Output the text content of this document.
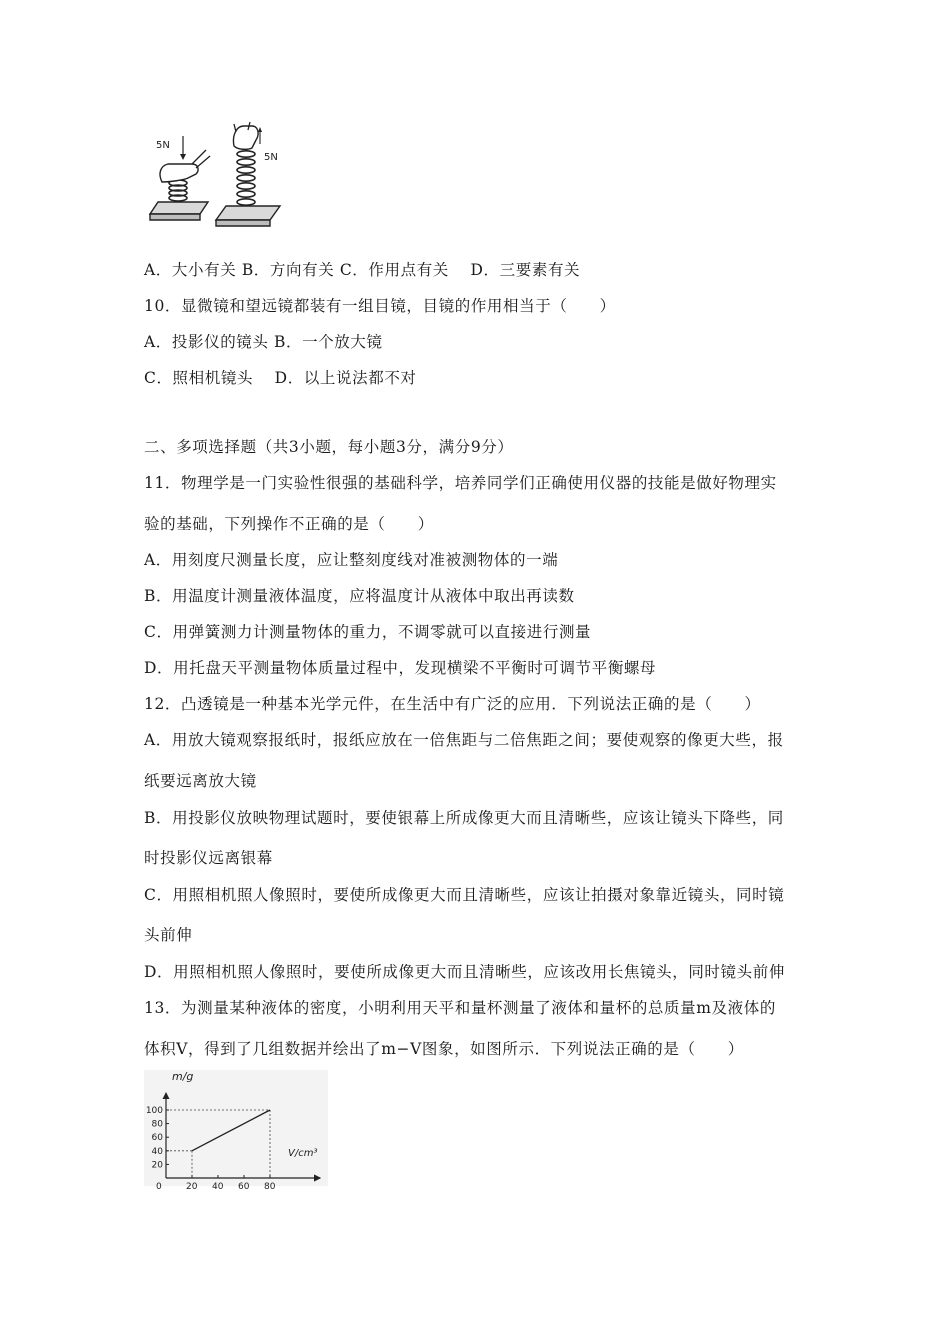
5N
5N
A．大小有关 B．方向有关 C．作用点有关　 D．三要素有关
10．显微镜和望远镜都装有一组目镜，目镜的作用相当于（　　）
A．投影仪的镜头 B．一个放大镜
C．照相机镜头　 D．以上说法都不对
二、多项选择题（共3小题，每小题3分，满分9分）
11．物理学是一门实验性很强的基础科学，培养同学们正确使用仪器的技能是做好物理实
验的基础，下列操作不正确的是（　　）
A．用刻度尺测量长度，应让整刻度线对准被测物体的一端
B．用温度计测量液体温度，应将温度计从液体中取出再读数
C．用弹簧测力计测量物体的重力，不调零就可以直接进行测量
D．用托盘天平测量物体质量过程中，发现横梁不平衡时可调节平衡螺母
12．凸透镜是一种基本光学元件，在生活中有广泛的应用．下列说法正确的是（　　）
A．用放大镜观察报纸时，报纸应放在一倍焦距与二倍焦距之间；要使观察的像更大些，报
纸要远离放大镜
B．用投影仪放映物理试题时，要使银幕上所成像更大而且清晰些，应该让镜头下降些，同
时投影仪远离银幕
C．用照相机照人像照时，要使所成像更大而且清晰些，应该让拍摄对象靠近镜头，同时镜
头前伸
D．用照相机照人像照时，要使所成像更大而且清晰些，应该改用长焦镜头，同时镜头前伸
13．为测量某种液体的密度，小明利用天平和量杯测量了液体和量杯的总质量m及液体的
体积V，得到了几组数据并绘出了m−V图象，如图所示．下列说法正确的是（　　）
0	20 40 60 80
20
40
60
80
100
m/g
V/cm³
